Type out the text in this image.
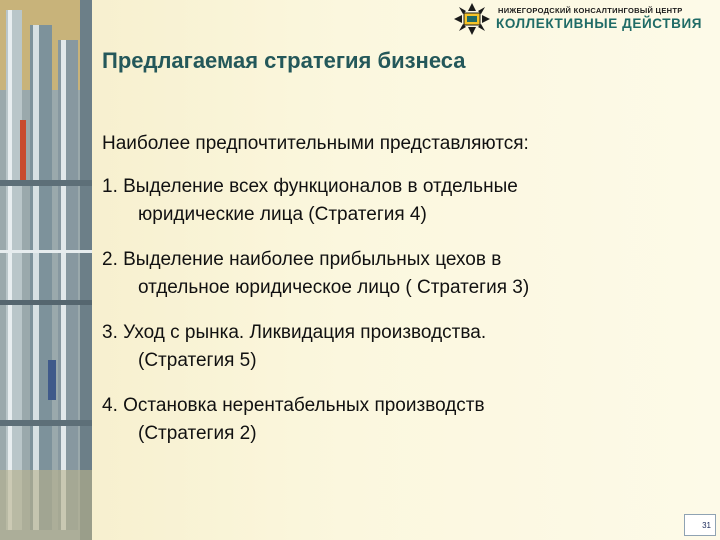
НИЖЕГОРОДСКИЙ КОНСАЛТИНГОВЫЙ ЦЕНТР
КОЛЛЕКТИВНЫЕ ДЕЙСТВИЯ
Предлагаемая стратегия бизнеса
Наиболее предпочтительными представляются:
1. Выделение всех функционалов в отдельные
юридические лица (Стратегия 4)
2. Выделение наиболее прибыльных цехов в
отдельное юридическое лицо ( Стратегия 3)
3. Уход с рынка. Ликвидация производства.
(Стратегия 5)
4. Остановка нерентабельных производств
(Стратегия 2)
31
